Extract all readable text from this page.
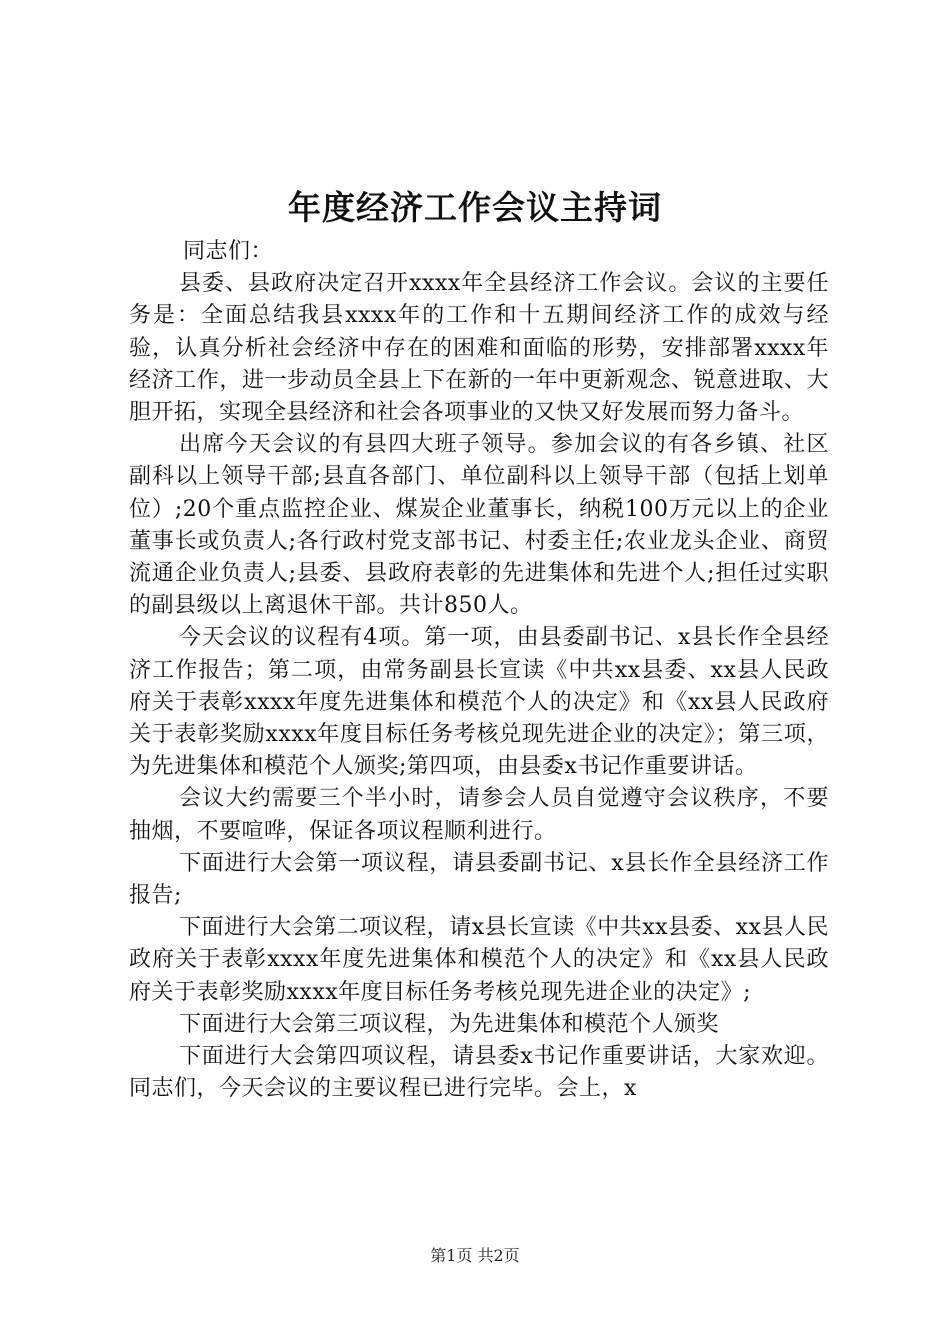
年度经济工作会议主持词

同志们：

县委、县政府决定召开xxxx年全县经济工作会议。会议的主要任务是：全面总结我县xxxx年的工作和十五期间经济工作的成效与经验，认真分析社会经济中存在的困难和面临的形势，安排部署xxxx年经济工作，进一步动员全县上下在新的一年中更新观念、锐意进取、大胆开拓，实现全县经济和社会各项事业的又快又好发展而努力备斗。

出席今天会议的有县四大班子领导。参加会议的有各乡镇、社区副科以上领导干部;县直各部门、单位副科以上领导干部（包括上划单位）;20个重点监控企业、煤炭企业董事长，纳税100万元以上的企业董事长或负责人;各行政村党支部书记、村委主任;农业龙头企业、商贸流通企业负责人;县委、县政府表彰的先进集体和先进个人;担任过实职的副县级以上离退休干部。共计850人。

今天会议的议程有4项。第一项，由县委副书记、x县长作全县经济工作报告；第二项，由常务副县长宣读《中共xx县委、xx县人民政府关于表彰xxxx年度先进集体和模范个人的决定》和《xx县人民政府关于表彰奖励xxxx年度目标任务考核兑现先进企业的决定》；第三项，为先进集体和模范个人颁奖;第四项，由县委x书记作重要讲话。

会议大约需要三个半小时，请参会人员自觉遵守会议秩序，不要抽烟，不要喧哗，保证各项议程顺利进行。

下面进行大会第一项议程，请县委副书记、x县长作全县经济工作报告;

下面进行大会第二项议程，请x县长宣读《中共xx县委、xx县人民政府关于表彰xxxx年度先进集体和模范个人的决定》和《xx县人民政府关于表彰奖励xxxx年度目标任务考核兑现先进企业的决定》;

下面进行大会第三项议程，为先进集体和模范个人颁奖

下面进行大会第四项议程，请县委x书记作重要讲话，大家欢迎。同志们，今天会议的主要议程已进行完毕。会上，x

第1页 共2页
